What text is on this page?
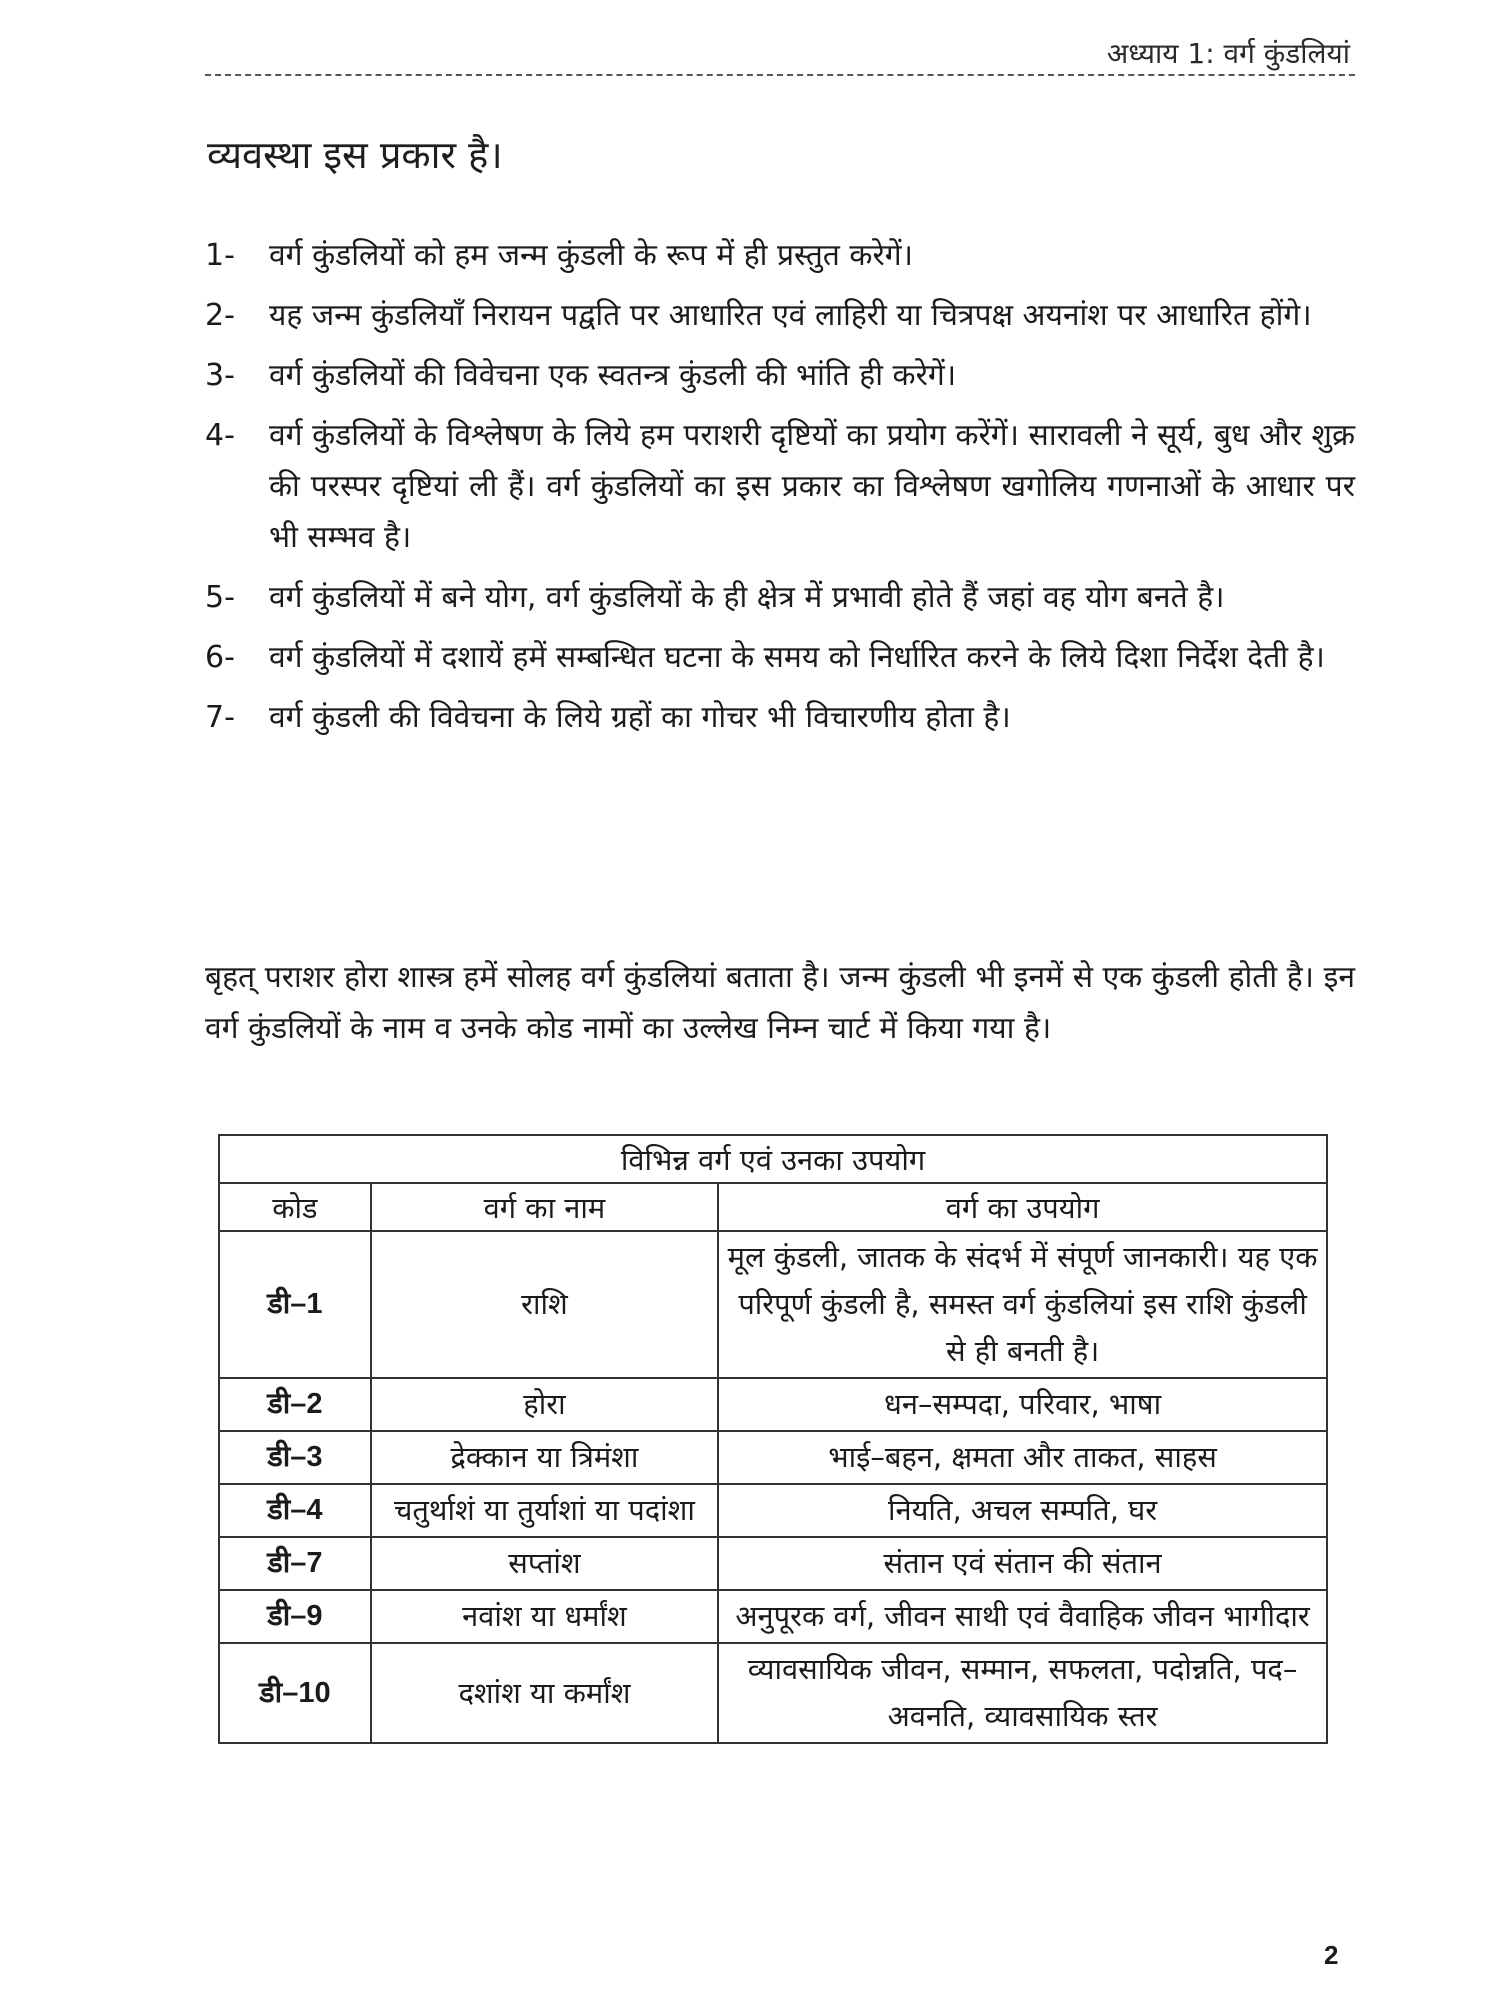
अध्याय 1: वर्ग कुंडलियां
व्यवस्था इस प्रकार है।
1-	वर्ग कुंडलियों को हम जन्म कुंडली के रूप में ही प्रस्तुत करेगें।
2-	यह जन्म कुंडलियाँ निरायन पद्वति पर आधारित एवं लाहिरी या चित्रपक्ष अयनांश पर आधारित होंगे।
3-	वर्ग कुंडलियों की विवेचना एक स्वतन्त्र कुंडली की भांति ही करेगें।
4-	वर्ग कुंडलियों के विश्लेषण के लिये हम पराशरी दृष्टियों का प्रयोग करेंगें। सारावली ने सूर्य, बुध और शुक्र की परस्पर दृष्टियां ली हैं। वर्ग कुंडलियों का इस प्रकार का विश्लेषण खगोलिय गणनाओं के आधार पर भी सम्भव है।
5-	वर्ग कुंडलियों में बने योग, वर्ग कुंडलियों के ही क्षेत्र में प्रभावी होते हैं जहां वह योग बनते है।
6-	वर्ग कुंडलियों में दशायें हमें सम्बन्धित घटना के समय को निर्धारित करने के लिये दिशा निर्देश देती है।
7-	वर्ग कुंडली की विवेचना के लिये ग्रहों का गोचर भी विचारणीय होता है।

बृहत् पराशर होरा शास्त्र हमें सोलह वर्ग कुंडलियां बताता है। जन्म कुंडली भी इनमें से एक कुंडली होती है। इन वर्ग कुंडलियों के नाम व उनके कोड नामों का उल्लेख निम्न चार्ट में किया गया है।

विभिन्न वर्ग एवं उनका उपयोग		
कोड	वर्ग का नाम	वर्ग का उपयोग
डी–1	राशि	मूल कुंडली, जातक के संदर्भ में संपूर्ण जानकारी। यह एक परिपूर्ण कुंडली है, समस्त वर्ग कुंडलियां इस राशि कुंडली से ही बनती है।
डी–2	होरा	धन–सम्पदा, परिवार, भाषा
डी–3	द्रेक्कान या त्रिमंशा	भाई–बहन, क्षमता और ताकत, साहस
डी–4	चतुर्थाशं या तुर्याशां या पदांशा	नियति, अचल सम्पति, घर
डी–7	सप्तांश	संतान एवं संतान की संतान
डी–9	नवांश या धर्मांश	अनुपूरक वर्ग, जीवन साथी एवं वैवाहिक जीवन भागीदार
डी–10	दशांश या कर्मांश	व्यावसायिक जीवन, सम्मान, सफलता, पदोन्नति, पद–अवनति, व्यावसायिक स्तर
2
